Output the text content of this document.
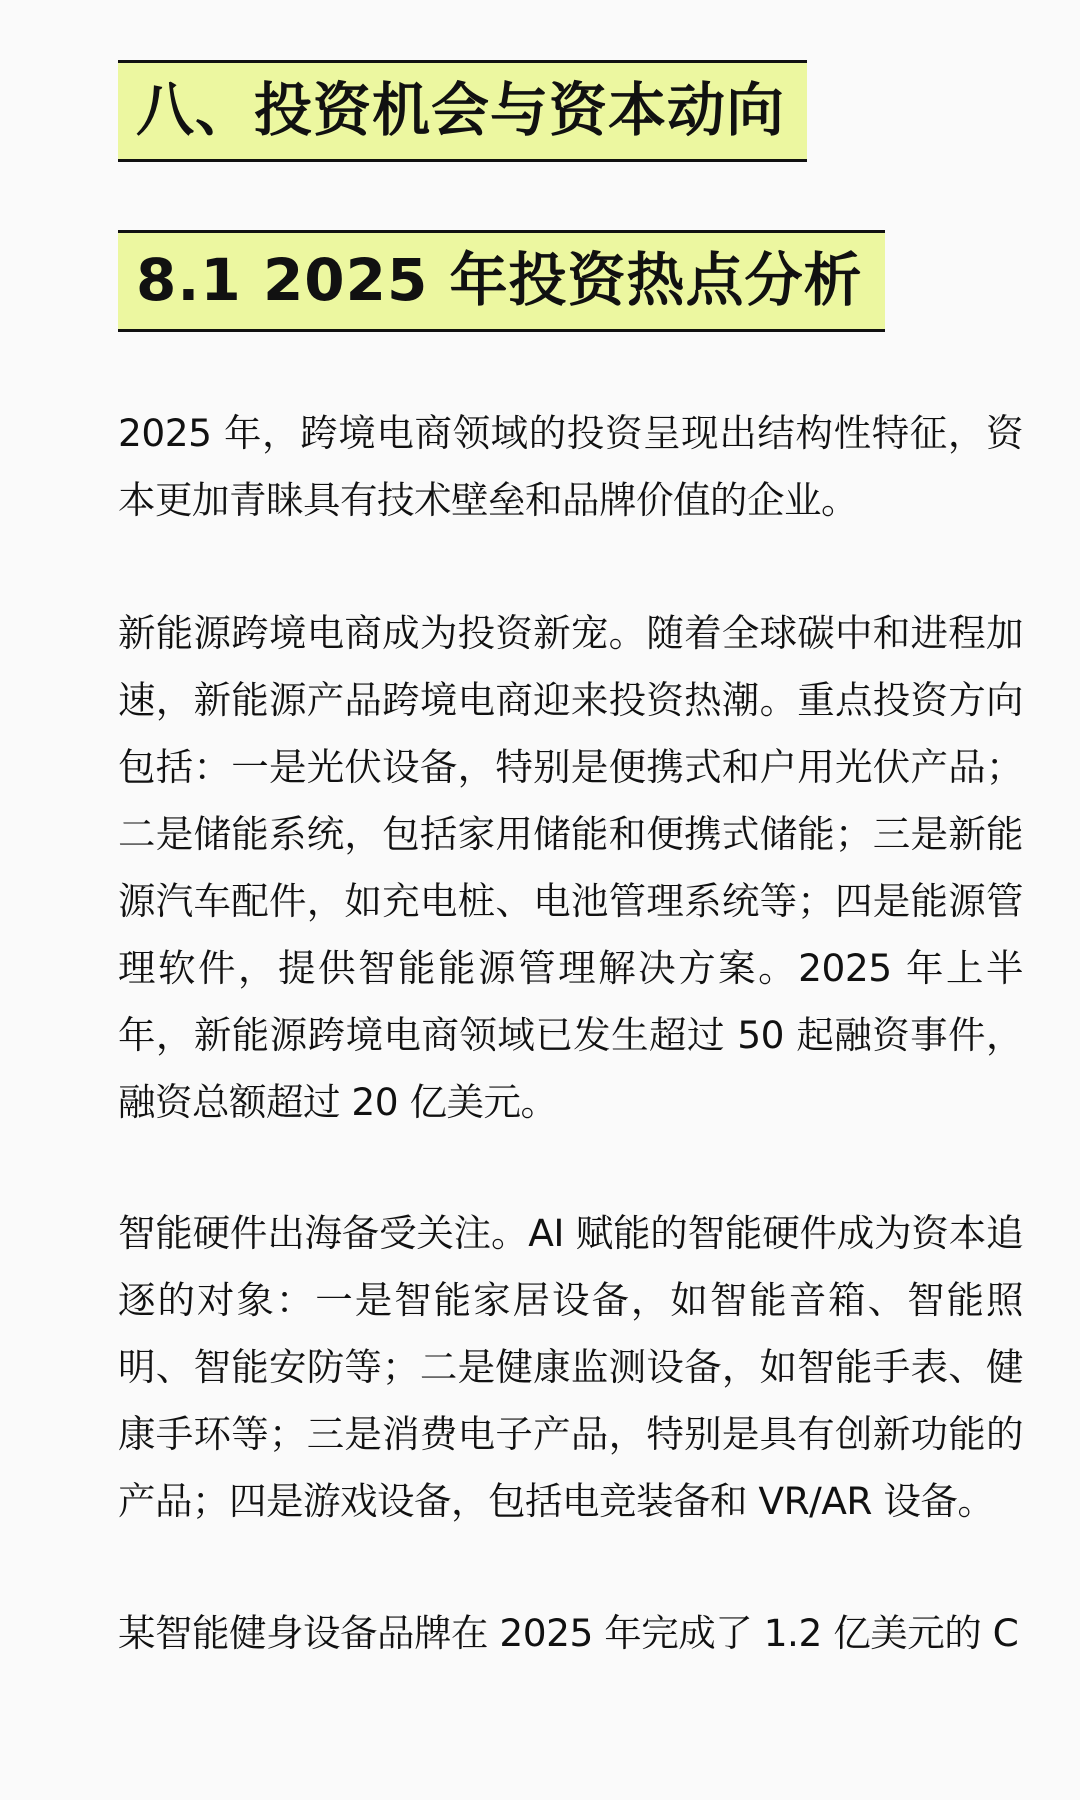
八、投资机会与资本动向
8.1 2025 年投资热点分析

2025 年，跨境电商领域的投资呈现出结构性特征，资本更加青睐具有技术壁垒和品牌价值的企业。

新能源跨境电商成为投资新宠。随着全球碳中和进程加速，新能源产品跨境电商迎来投资热潮。重点投资方向包括：一是光伏设备，特别是便携式和户用光伏产品；二是储能系统，包括家用储能和便携式储能；三是新能源汽车配件，如充电桩、电池管理系统等；四是能源管理软件，提供智能能源管理解决方案。2025 年上半年，新能源跨境电商领域已发生超过 50 起融资事件，融资总额超过 20 亿美元。

智能硬件出海备受关注。AI 赋能的智能硬件成为资本追逐的对象：一是智能家居设备，如智能音箱、智能照明、智能安防等；二是健康监测设备，如智能手表、健康手环等；三是消费电子产品，特别是具有创新功能的产品；四是游戏设备，包括电竞装备和 VR/AR 设备。

某智能健身设备品牌在 2025 年完成了 1.2 亿美元的 C
